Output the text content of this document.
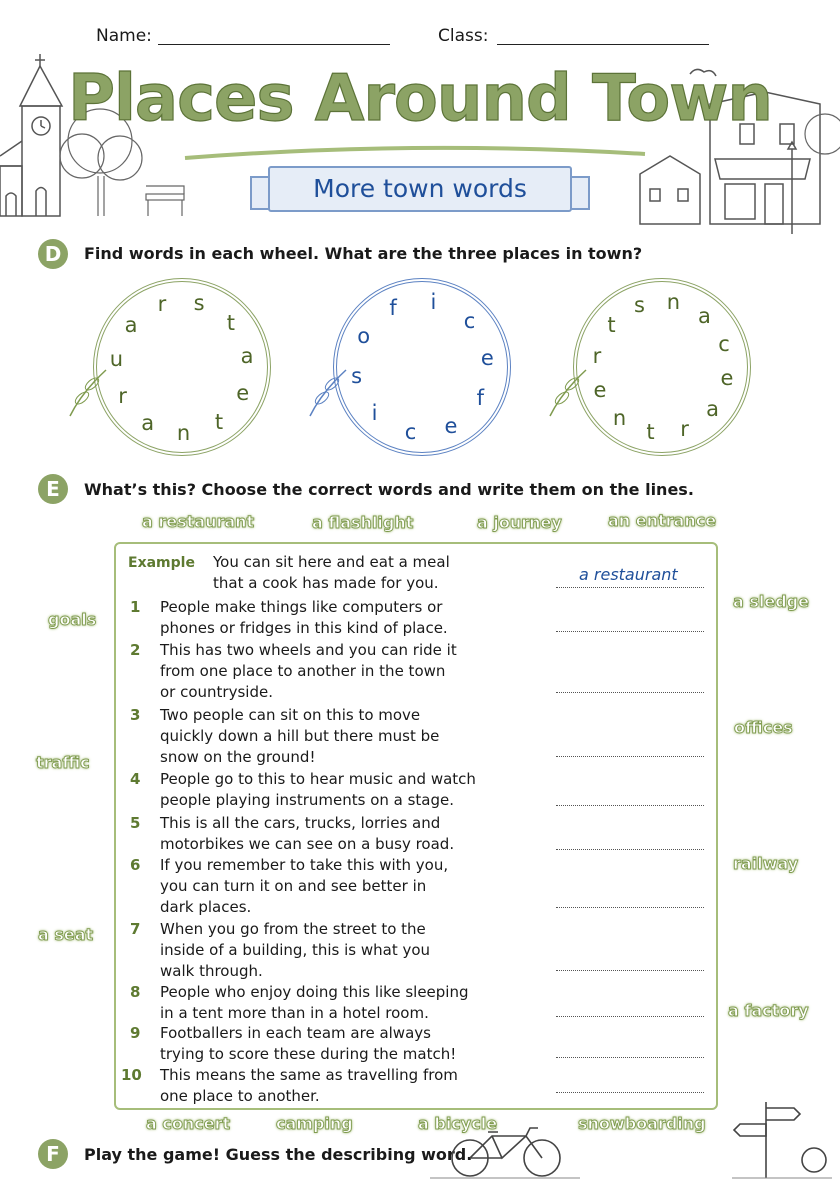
Name:	Class:
Places Around Town
More town words
D	Find words in each wheel. What are the three places in town?
s
t
a
e
t
n
a
r
u
a
r	i
c
e
f
e
c
i
s
o
f	n
a
c
e
a
r
t
n
e
r
t
s
E	What’s this? Choose the correct words and write them on the lines.
a restaurant	a flashlight	a journey	an entrance
goals
traffic
a seat
a sledge
offices
railway
a factory
a concert	camping	a bicycle	snowboarding
Example You can sit here and eat a meal
that a cook has made for you.	a restaurant
1 People make things like computers or
phones or fridges in this kind of place.
2 This has two wheels and you can ride it
from one place to another in the town
or countryside.
3 Two people can sit on this to move
quickly down a hill but there must be
snow on the ground!
4 People go to this to hear music and watch
people playing instruments on a stage.
5 This is all the cars, trucks, lorries and
motorbikes we can see on a busy road.
6 If you remember to take this with you,
you can turn it on and see better in
dark places.
7 When you go from the street to the
inside of a building, this is what you
walk through.
8 People who enjoy doing this like sleeping
in a tent more than in a hotel room.
9 Footballers in each team are always
trying to score these during the match!
10 This means the same as travelling from
one place to another.
F	Play the game! Guess the describing word.
